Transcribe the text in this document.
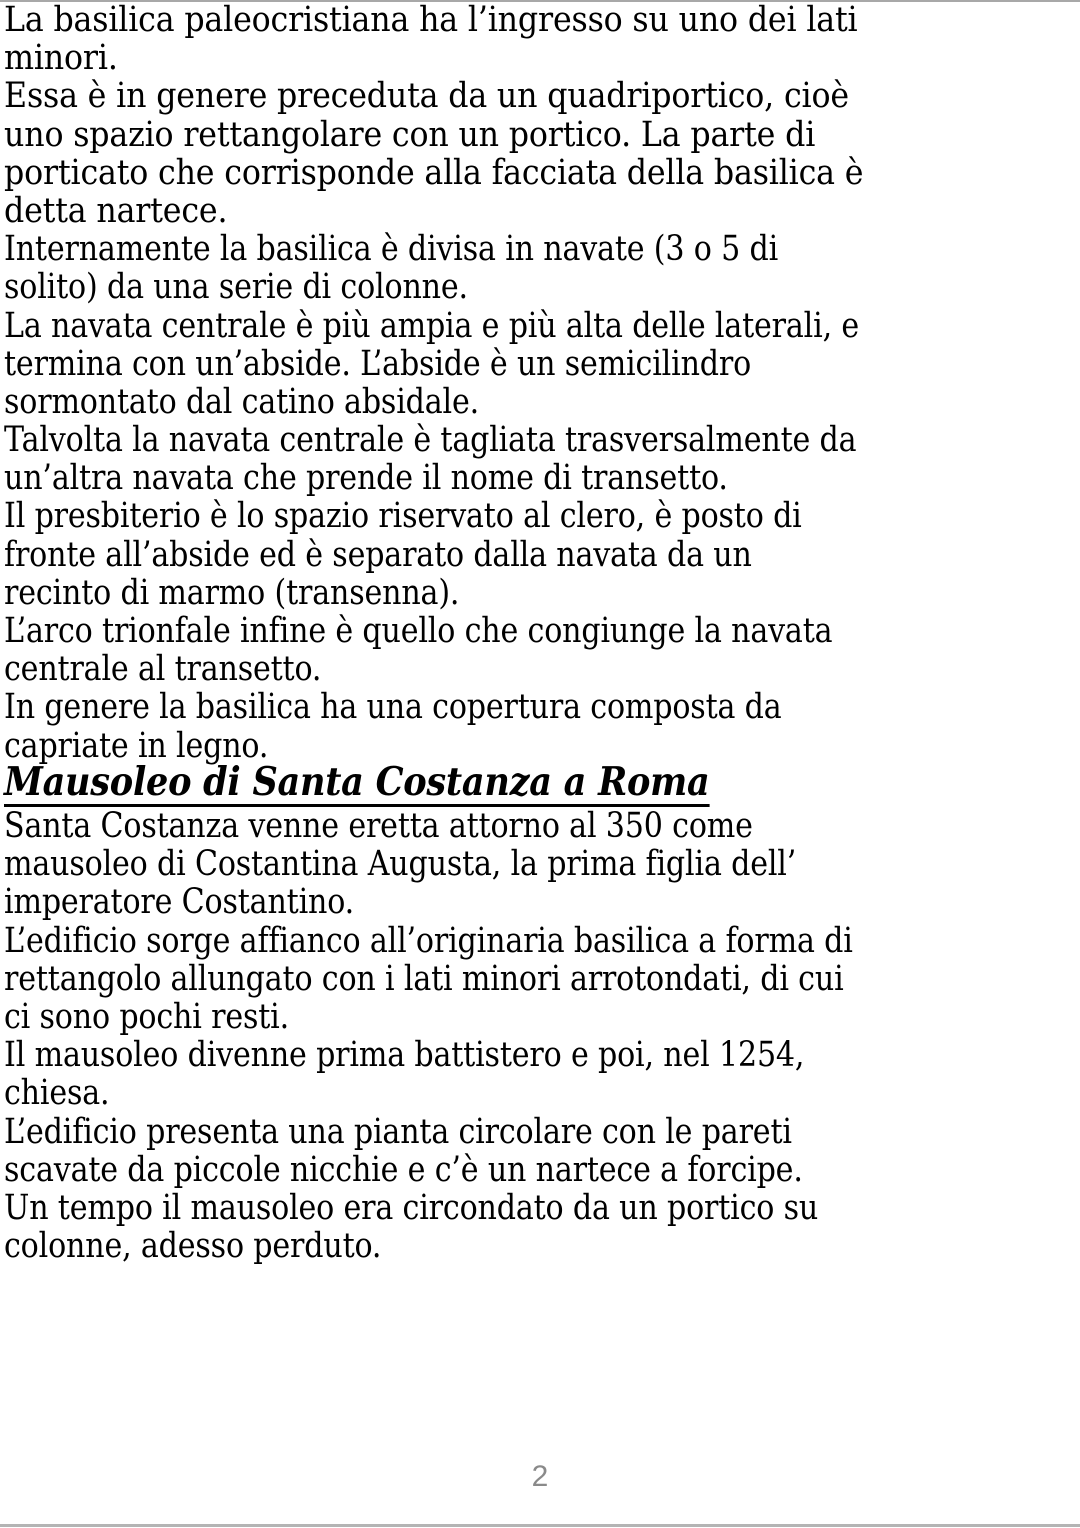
La basilica paleocristiana ha l’ingresso su uno dei lati
minori.
Essa è in genere preceduta da un quadriportico, cioè
uno spazio rettangolare con un portico. La parte di
porticato che corrisponde alla facciata della basilica è
detta nartece.
Internamente la basilica è divisa in navate (3 o 5 di
solito) da una serie di colonne.
La navata centrale è più ampia e più alta delle laterali, e
termina con un’abside. L’abside è un semicilindro
sormontato dal catino absidale.
Talvolta la navata centrale è tagliata trasversalmente da
un’altra navata che prende il nome di transetto.
Il presbiterio è lo spazio riservato al clero, è posto di
fronte all’abside ed è separato dalla navata da un
recinto di marmo (transenna).
L’arco trionfale infine è quello che congiunge la navata
centrale al transetto.
In genere la basilica ha una copertura composta da
capriate in legno.
Mausoleo di Santa Costanza a Roma
Santa Costanza venne eretta attorno al 350 come
mausoleo di Costantina Augusta, la prima figlia dell’
imperatore Costantino.
L’edificio sorge affianco all’originaria basilica a forma di
rettangolo allungato con i lati minori arrotondati, di cui
ci sono pochi resti.
Il mausoleo divenne prima battistero e poi, nel 1254,
chiesa.
L’edificio presenta una pianta circolare con le pareti
scavate da piccole nicchie e c’è un nartece a forcipe.
Un tempo il mausoleo era circondato da un portico su
colonne, adesso perduto.
2
